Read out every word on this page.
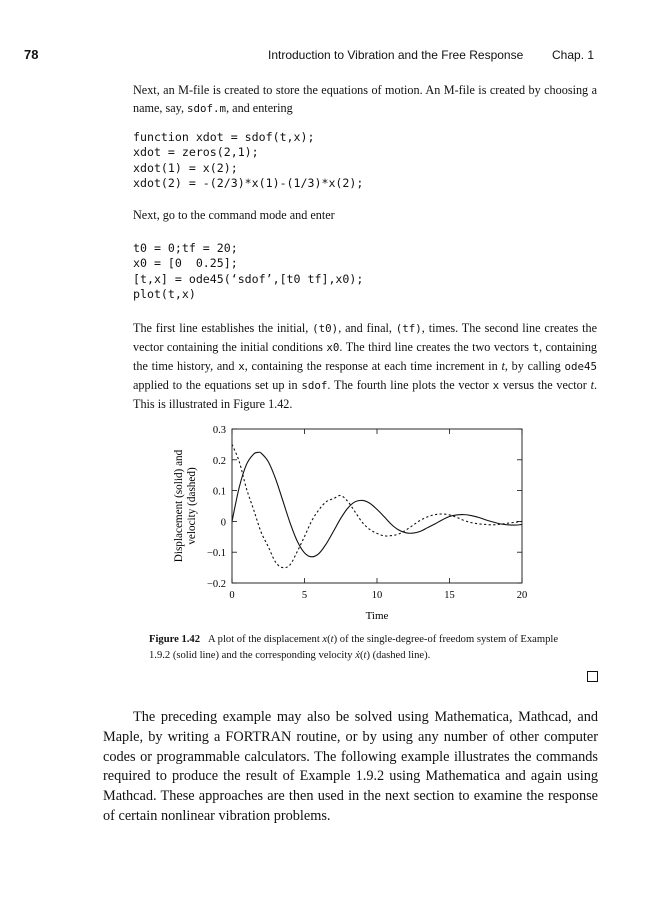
78	Introduction to Vibration and the Free Response Chap. 1

Next, an M-file is created to store the equations of motion. An M-file is created by choosing a name, say, sdof.m, and entering

function xdot = sdof(t,x);
xdot = zeros(2,1);
xdot(1) = x(2);
xdot(2) = -(2/3)*x(1)-(1/3)*x(2);

Next, go to the command mode and enter

t0 = 0;tf = 20;
x0 = [0  0.25];
[t,x] = ode45(‘sdof’,[t0 tf],x0);
plot(t,x)

The first line establishes the initial, (t0), and final, (tf), times. The second line creates the vector containing the initial conditions x0. The third line creates the two vectors t, containing the time history, and x, containing the response at each time increment in t, by calling ode45 applied to the equations set up in sdof. The fourth line plots the vector x versus the vector t. This is illustrated in Figure 1.42.

0	5	10	15	20
0.3
0.2
0.1
0
−0.1
−0.2
Time
Displacement (solid) and velocity (dashed)

Figure 1.42 A plot of the displacement x(t) of the single-degree-of freedom system of Example 1.9.2 (solid line) and the corresponding velocity ẋ(t) (dashed line).

The preceding example may also be solved using Mathematica, Mathcad, and Maple, by writing a FORTRAN routine, or by using any number of other computer codes or programmable calculators. The following example illustrates the commands required to produce the result of Example 1.9.2 using Mathematica and again using Mathcad. These approaches are then used in the next section to examine the response of certain nonlinear vibration problems.
